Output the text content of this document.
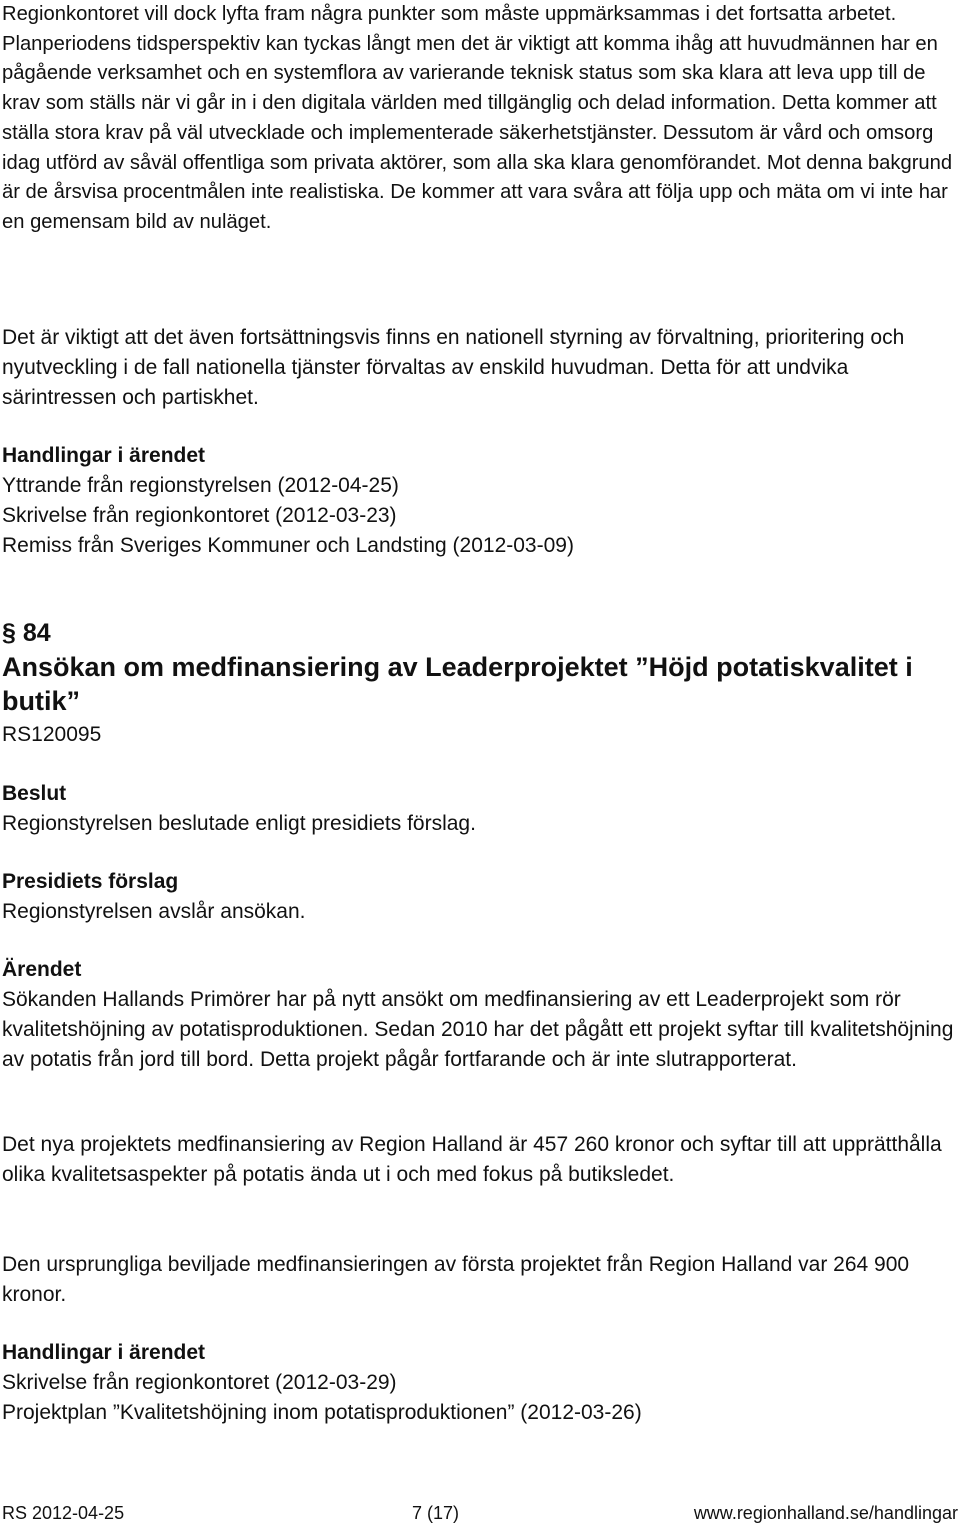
Regionkontoret vill dock lyfta fram några punkter som måste uppmärksammas i det fortsatta arbetet. Planperiodens tidsperspektiv kan tyckas långt men det är viktigt att komma ihåg att huvudmännen har en pågående verksamhet och en systemflora av varierande teknisk status som ska klara att leva upp till de krav som ställs när vi går in i den digitala världen med tillgänglig och delad information. Detta kommer att ställa stora krav på väl utvecklade och implementerade säkerhetstjänster. Dessutom är vård och omsorg idag utförd av såväl offentliga som privata aktörer, som alla ska klara genomförandet. Mot denna bakgrund är de årsvisa procentmålen inte realistiska. De kommer att vara svåra att följa upp och mäta om vi inte har en gemensam bild av nuläget.

Det är viktigt att det även fortsättningsvis finns en nationell styrning av förvaltning, prioritering och nyutveckling i de fall nationella tjänster förvaltas av enskild huvudman. Detta för att undvika särintressen och partiskhet.

Handlingar i ärendet

Yttrande från regionstyrelsen (2012-04-25)
Skrivelse från regionkontoret (2012-03-23)
Remiss från Sveriges Kommuner och Landsting (2012-03-09)
§ 84

Ansökan om medfinansiering av Leaderprojektet ”Höjd potatiskvalitet i butik”

RS120095

Beslut

Regionstyrelsen beslutade enligt presidiets förslag.

Presidiets förslag

Regionstyrelsen avslår ansökan.

Ärendet

Sökanden Hallands Primörer har på nytt ansökt om medfinansiering av ett Leaderprojekt som rör kvalitetshöjning av potatisproduktionen. Sedan 2010 har det pågått ett projekt syftar till kvalitetshöjning av potatis från jord till bord. Detta projekt pågår fortfarande och är inte slutrapporterat.

Det nya projektets medfinansiering av Region Halland är 457 260 kronor och syftar till att upprätthålla olika kvalitetsaspekter på potatis ända ut i och med fokus på butiksledet.

Den ursprungliga beviljade medfinansieringen av första projektet från Region Halland var 264 900 kronor.

Handlingar i ärendet

Skrivelse från regionkontoret (2012-03-29)
Projektplan ”Kvalitetshöjning inom potatisproduktionen” (2012-03-26)
RS 2012-04-25	7 (17)	www.regionhalland.se/handlingar
